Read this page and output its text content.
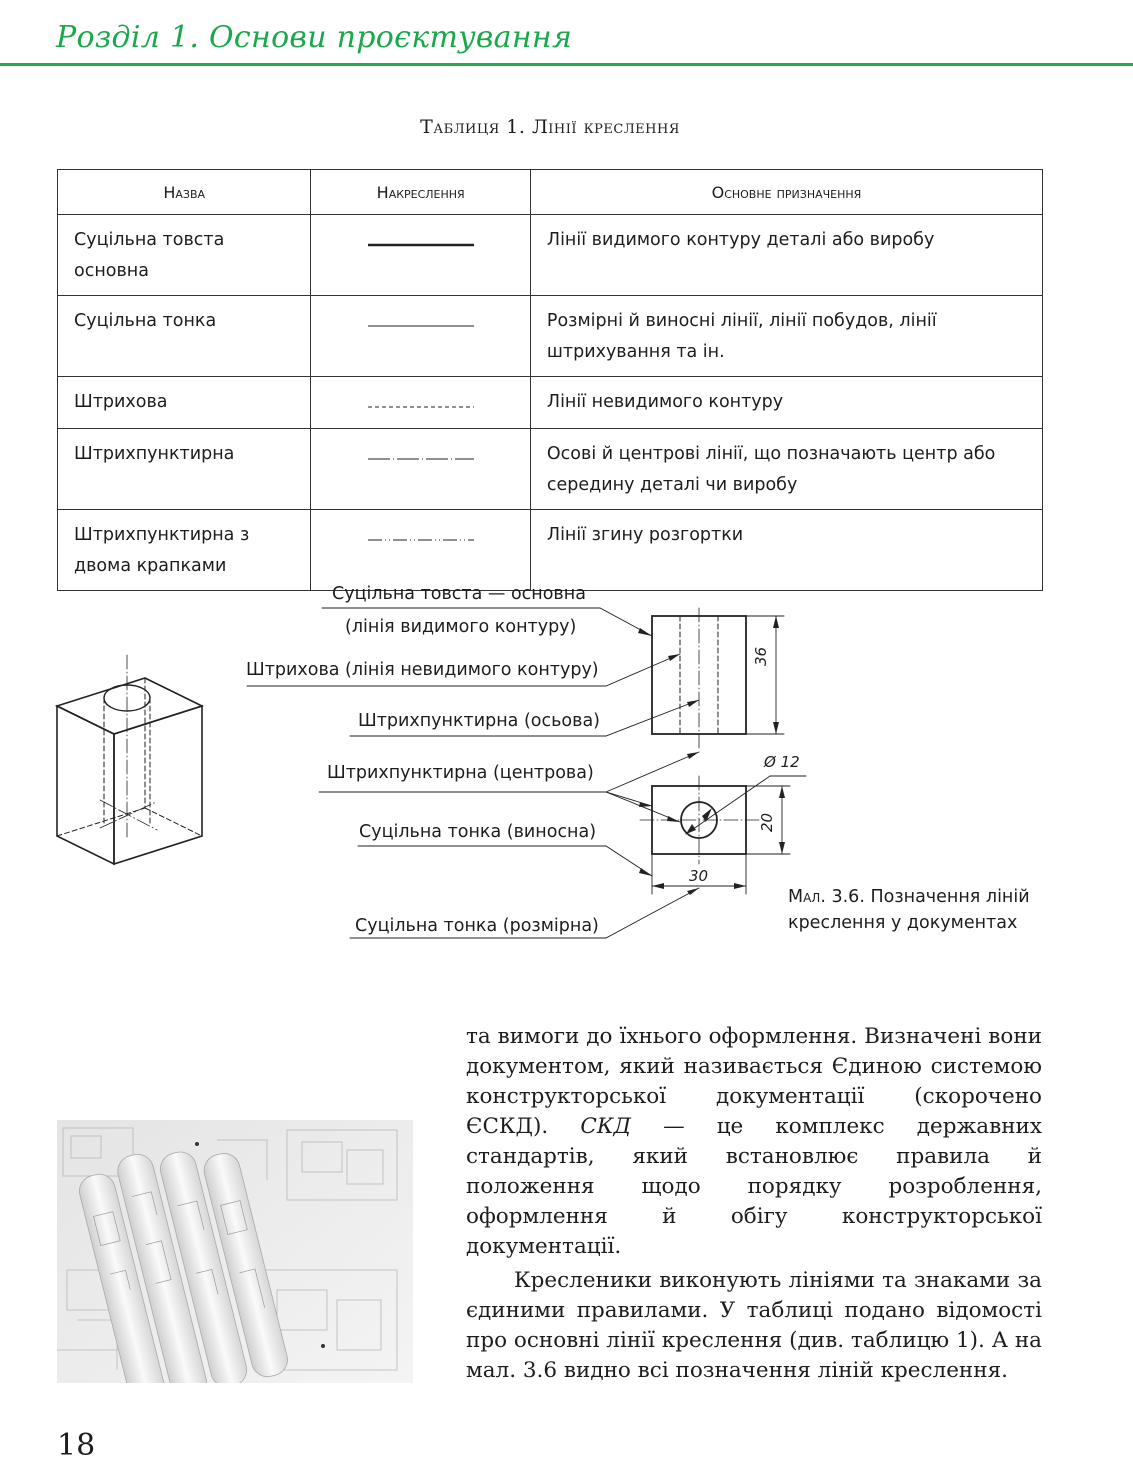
Розділ 1. Основи проєктування
Таблиця 1. Лінії креслення
Назва	Накреслення	Основне призначення
Суцільна товста основна		Лінії видимого контуру деталі або виробу
Суцільна тонка		Розмірні й виносні лінії, лінії побудов, лінії штрихування та ін.
Штрихова		Лінії невидимого контуру
Штрихпунктирна		Осові й центрові лінії, що позначають центр або середину деталі чи виробу
Штрихпунктирна з двома крапками		Лінії згину розгортки
Суцільна товста — основна
(лінія видимого контуру)
Штрихова (лінія невидимого контуру)
Штрихпунктирна (осьова)
Штрихпунктирна (центрова)
Суцільна тонка (виносна)
Суцільна тонка (розмірна)
36
Ø 12
20
30
Мал. 3.6. Позначення ліній
креслення у документах

та вимоги до їхнього оформлення. Визначені вони документом, який називається Єдиною системою конструкторської документації (скорочено ЄСКД). СКД — це комплекс державних стандартів, який встановлює правила й положення щодо порядку розроблення, оформлення й обігу конструкторської документації.

Креслeники виконують лініями та знаками за єдиними правилами. У таблиці подано відомості про основні лінії креслення (див. таблицю 1). А на мал. 3.6 видно всі позначення ліній креслення.

18
